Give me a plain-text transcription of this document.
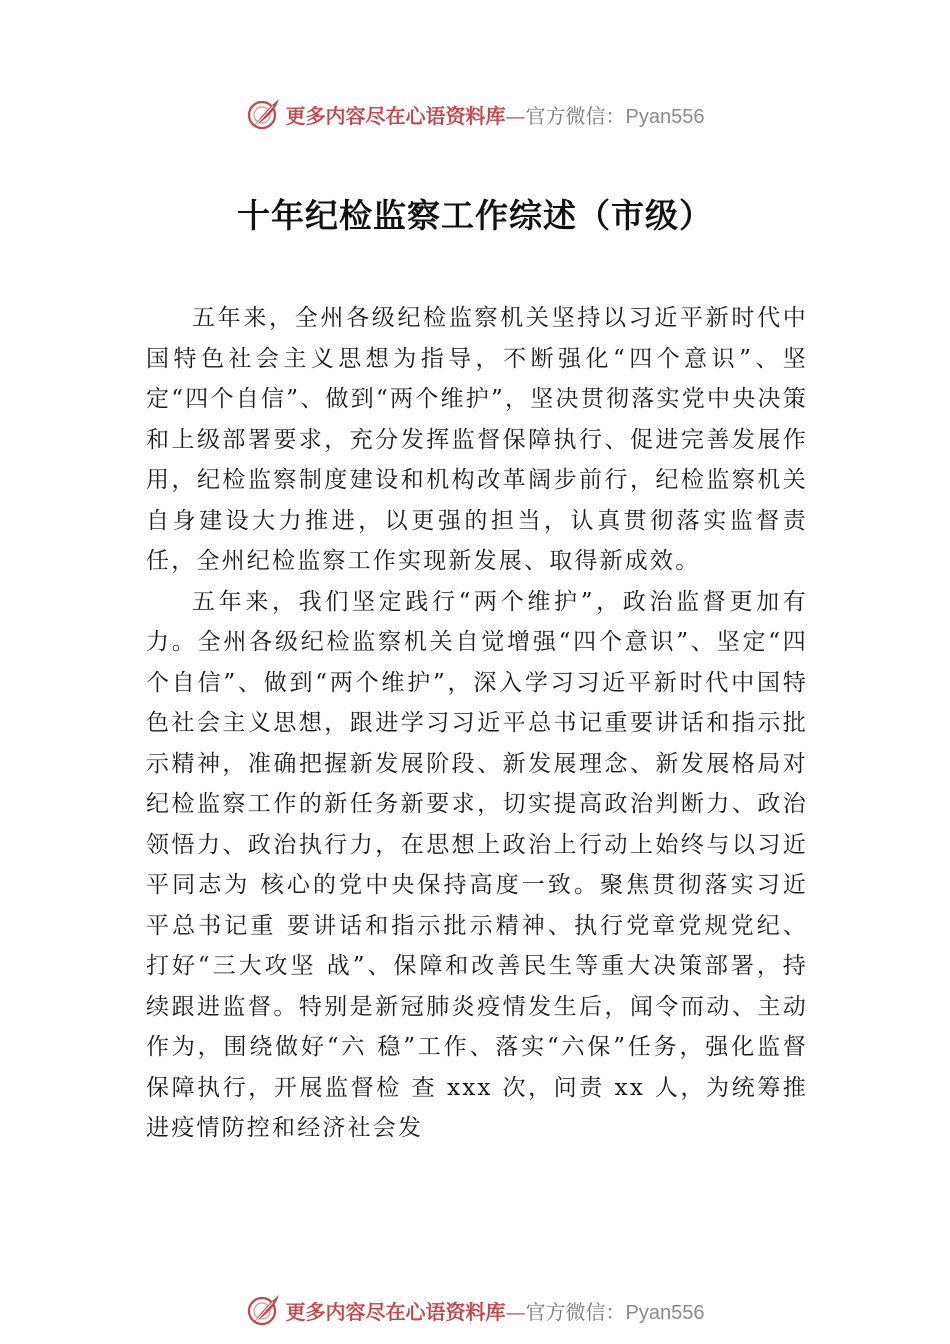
更多内容尽在心语资料库—官方微信：Pyan556
十年纪检监察工作综述（市级）

五年来，全州各级纪检监察机关坚持以习近平新时代中国特色社会主义思想为指导，不断强化“四个意识”、坚定“四个自信”、做到“两个维护”，坚决贯彻落实党中央决策和上级部署要求，充分发挥监督保障执行、促进完善发展作用，纪检监察制度建设和机构改革阔步前行，纪检监察机关自身建设大力推进，以更强的担当，认真贯彻落实监督责任，全州纪检监察工作实现新发展、取得新成效。

五年来，我们坚定践行“两个维护”，政治监督更加有力。全州各级纪检监察机关自觉增强“四个意识”、坚定“四个自信”、做到“两个维护”，深入学习习近平新时代中国特色社会主义思想，跟进学习习近平总书记重要讲话和指示批示精神，准确把握新发展阶段、新发展理念、新发展格局对纪检监察工作的新任务新要求，切实提高政治判断力、政治领悟力、政治执行力，在思想上政治上行动上始终与以习近平同志为 核心的党中央保持高度一致。聚焦贯彻落实习近平总书记重 要讲话和指示批示精神、执行党章党规党纪、打好“三大攻坚 战”、保障和改善民生等重大决策部署，持续跟进监督。特别是新冠肺炎疫情发生后，闻令而动、主动作为，围绕做好“六 稳”工作、落实“六保”任务，强化监督保障执行，开展监督检 查 xxx 次，问责 xx 人，为统筹推进疫情防控和经济社会发

更多内容尽在心语资料库—官方微信：Pyan556
